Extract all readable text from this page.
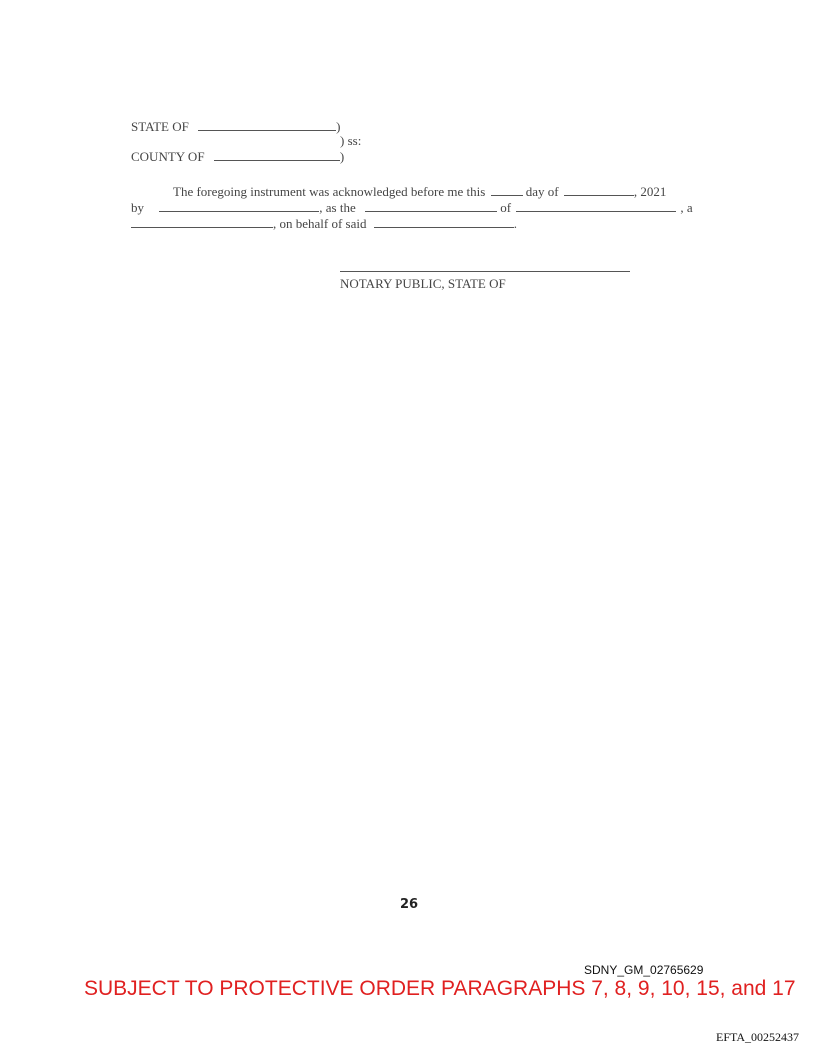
STATE OF	)
) ss:
COUNTY OF	)
The foregoing instrument was acknowledged before me this	day of	, 2021
by	, as the	of	, a
, on behalf of said	.
NOTARY PUBLIC, STATE OF
26
SDNY_GM_02765629
SUBJECT TO PROTECTIVE ORDER PARAGRAPHS 7, 8, 9, 10, 15, and 17
EFTA_00252437
